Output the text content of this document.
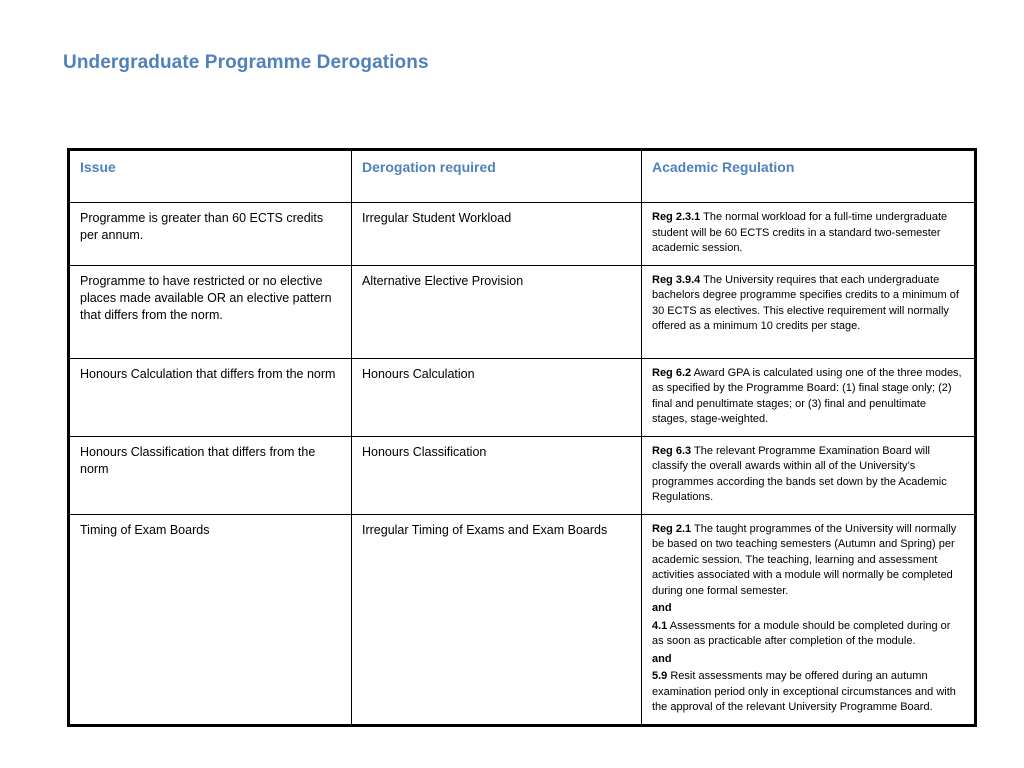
Undergraduate Programme Derogations
Issue	Derogation required	Academic Regulation
Programme is greater than 60 ECTS credits per annum.	Irregular Student Workload	Reg 2.3.1 The normal workload for a full-time undergraduate student will be 60 ECTS credits in a standard two-semester academic session.

Programme to have restricted or no elective places made available OR an elective pattern that differs from the norm.	Alternative Elective Provision	Reg 3.9.4 The University requires that each undergraduate bachelors degree programme specifies credits to a minimum of 30 ECTS as electives. This elective requirement will normally offered as a minimum 10 credits per stage.

Honours Calculation that differs from the norm	Honours Calculation	Reg 6.2 Award GPA is calculated using one of the three modes, as specified by the Programme Board: (1) final stage only; (2) final and penultimate stages; or (3) final and penultimate stages, stage-weighted.

Honours Classification that differs from the norm	Honours Classification	Reg 6.3 The relevant Programme Examination Board will classify the overall awards within all of the University’s programmes according the bands set down by the Academic Regulations.

Timing of Exam Boards	Irregular Timing of Exams and Exam Boards	Reg 2.1 The taught programmes of the University will normally be based on two teaching semesters (Autumn and Spring) per academic session. The teaching, learning and assessment activities associated with a module will normally be completed during one formal semester.

and

4.1 Assessments for a module should be completed during or as soon as practicable after completion of the module.

and

5.9 Resit assessments may be offered during an autumn examination period only in exceptional circumstances and with the approval of the relevant University Programme Board.
